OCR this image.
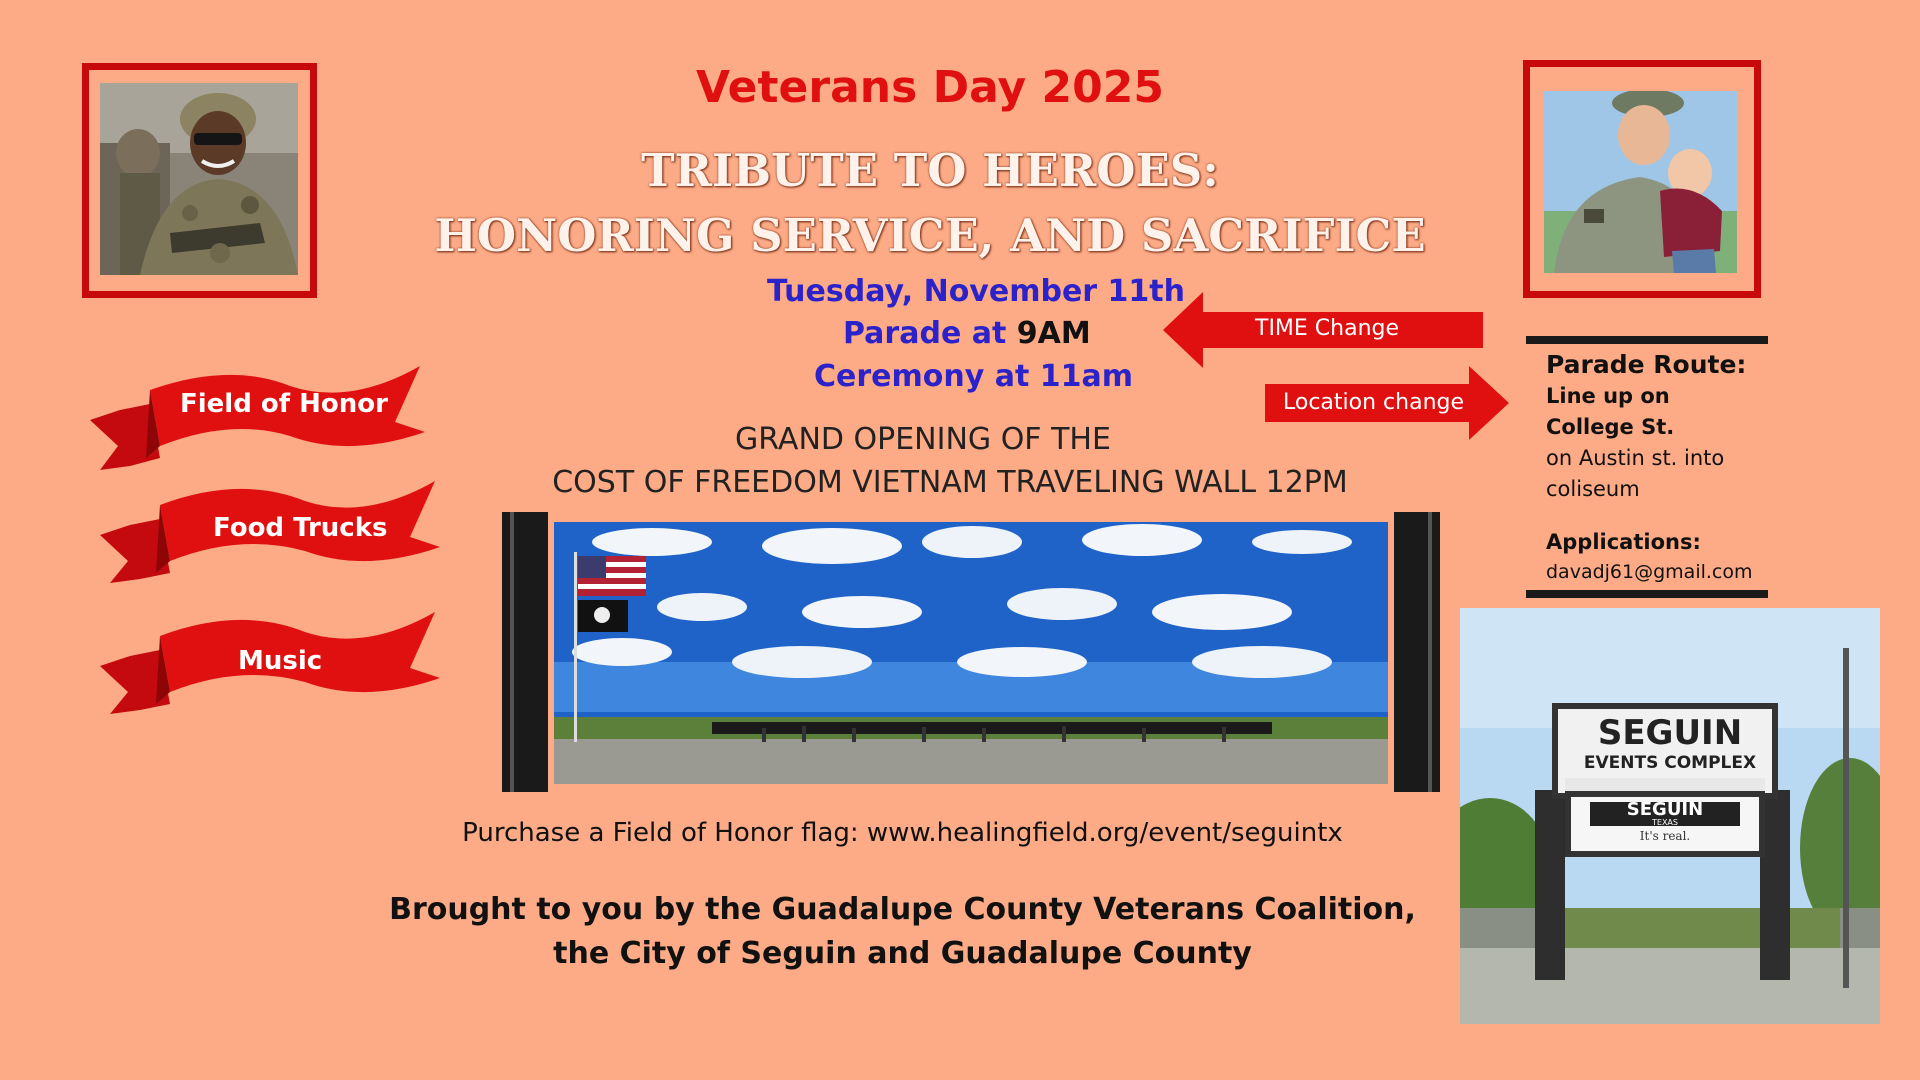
Veterans Day 2025
TRIBUTE TO HEROES:
HONORING SERVICE, AND SACRIFICE
Tuesday, November 11th
Parade at 9AM
Ceremony at 11am
TIME Change
Location change
Parade Route:
Line up on
College St.
on Austin st. into
coliseum
Applications:
davadj61@gmail.com
Field of Honor
Food Trucks
Music
GRAND OPENING OF THE
COST OF FREEDOM VIETNAM TRAVELING WALL 12PM
SEGUIN
EVENTS COMPLEX
SEGUIN
TEXAS
It's real.
Purchase a Field of Honor flag: www.healingfield.org/event/seguintx
Brought to you by the Guadalupe County Veterans Coalition,
the City of Seguin and Guadalupe County
